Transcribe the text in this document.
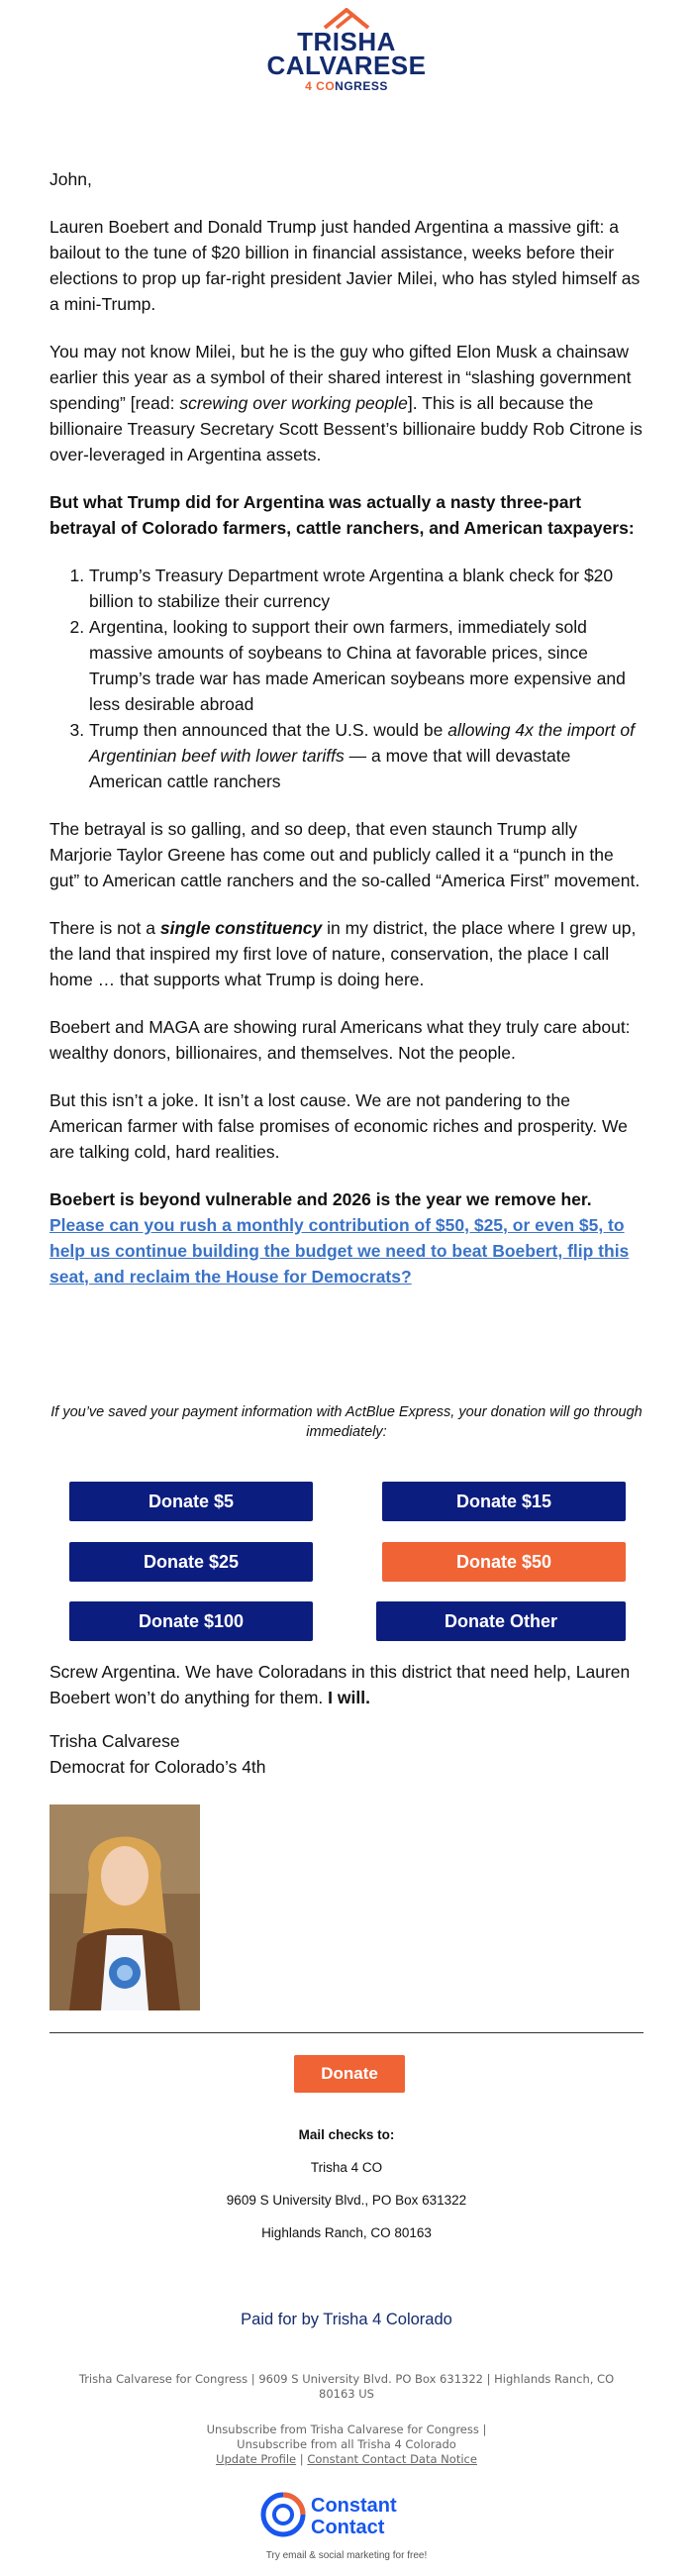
TRISHA
CALVARESE
4 CONGRESS

John,

Lauren Boebert and Donald Trump just handed Argentina a massive gift: a bailout to the tune of $20 billion in financial assistance, weeks before their elections to prop up far-right president Javier Milei, who has styled himself as a mini-Trump.

You may not know Milei, but he is the guy who gifted Elon Musk a chainsaw earlier this year as a symbol of their shared interest in “slashing government spending” [read: screwing over working people]. This is all because the billionaire Treasury Secretary Scott Bessent’s billionaire buddy Rob Citrone is over-leveraged in Argentina assets.

But what Trump did for Argentina was actually a nasty three-part betrayal of Colorado farmers, cattle ranchers, and American taxpayers:

1. Trump’s Treasury Department wrote Argentina a blank check for $20 billion to stabilize their currency
2. Argentina, looking to support their own farmers, immediately sold massive amounts of soybeans to China at favorable prices, since Trump’s trade war has made American soybeans more expensive and less desirable abroad
3. Trump then announced that the U.S. would be allowing 4x the import of Argentinian beef with lower tariffs — a move that will devastate American cattle ranchers

The betrayal is so galling, and so deep, that even staunch Trump ally Marjorie Taylor Greene has come out and publicly called it a “punch in the gut” to American cattle ranchers and the so-called “America First” movement.

There is not a single constituency in my district, the place where I grew up, the land that inspired my first love of nature, conservation, the place I call home … that supports what Trump is doing here.

Boebert and MAGA are showing rural Americans what they truly care about: wealthy donors, billionaires, and themselves. Not the people.

But this isn’t a joke. It isn’t a lost cause. We are not pandering to the American farmer with false promises of economic riches and prosperity. We are talking cold, hard realities.

Boebert is beyond vulnerable and 2026 is the year we remove her.
Please can you rush a monthly contribution of $50, $25, or even $5, to help us continue building the budget we need to beat Boebert, flip this seat, and reclaim the House for Democrats?

If you’ve saved your payment information with ActBlue Express, your donation will go through immediately:
Donate $5	Donate $15
Donate $25	Donate $50
Donate $100	Donate Other

Screw Argentina. We have Coloradans in this district that need help, Lauren Boebert won’t do anything for them. I will.

Trisha Calvarese
Democrat for Colorado’s 4th
Donate
Mail checks to:
Trisha 4 CO
9609 S University Blvd., PO Box 631322
Highlands Ranch, CO 80163
Paid for by Trisha 4 Colorado
Trisha Calvarese for Congress | 9609 S University Blvd. PO Box 631322 | Highlands Ranch, CO 80163 US
Unsubscribe from Trisha Calvarese for Congress |
Unsubscribe from all Trisha 4 Colorado
Update Profile | Constant Contact Data Notice
Constant
Contact
Try email & social marketing for free!
